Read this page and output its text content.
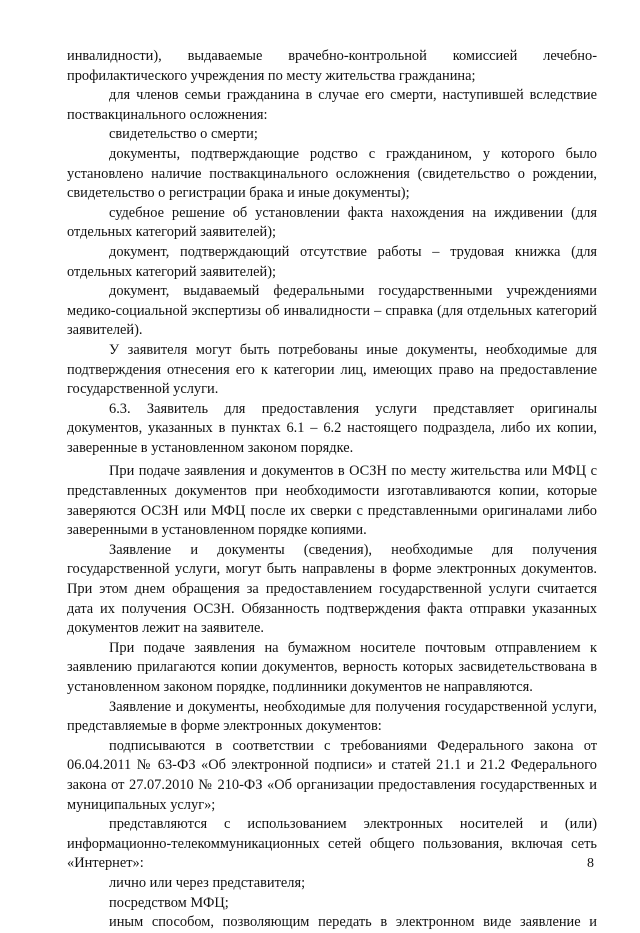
инвалидности), выдаваемые врачебно-контрольной комиссией лечебно-профилактического учреждения по месту жительства гражданина;

для членов семьи гражданина в случае его смерти, наступившей вследствие поствакцинального осложнения:

свидетельство о смерти;

документы, подтверждающие родство с гражданином, у которого было установлено наличие поствакцинального осложнения (свидетельство о рождении, свидетельство о регистрации брака и иные документы);

судебное решение об установлении факта нахождения на иждивении (для отдельных категорий заявителей);

документ, подтверждающий отсутствие работы – трудовая книжка (для отдельных категорий заявителей);

документ, выдаваемый федеральными государственными учреждениями медико-социальной экспертизы об инвалидности – справка (для отдельных категорий заявителей).

У заявителя могут быть потребованы иные документы, необходимые для подтверждения отнесения его к категории лиц, имеющих право на предоставление государственной услуги.

6.3. Заявитель для предоставления услуги представляет оригиналы документов, указанных в пунктах 6.1 – 6.2 настоящего подраздела, либо их копии, заверенные в установленном законом порядке.

При подаче заявления и документов в ОСЗН по месту жительства или МФЦ с представленных документов при необходимости изготавливаются копии, которые заверяются ОСЗН или МФЦ после их сверки с представленными оригиналами либо заверенными в установленном порядке копиями.

Заявление и документы (сведения), необходимые для получения государственной услуги, могут быть направлены в форме электронных документов. При этом днем обращения за предоставлением государственной услуги считается дата их получения ОСЗН. Обязанность подтверждения факта отправки указанных документов лежит на заявителе.

При подаче заявления на бумажном носителе почтовым отправлением к заявлению прилагаются копии документов, верность которых засвидетельствована в установленном законом порядке, подлинники документов не направляются.

Заявление и документы, необходимые для получения государственной услуги, представляемые в форме электронных документов:

подписываются в соответствии с требованиями Федерального закона от 06.04.2011 № 63-ФЗ «Об электронной подписи» и статей 21.1 и 21.2 Федерального закона от 27.07.2010 № 210-ФЗ «Об организации предоставления государственных и муниципальных услуг»;

представляются с использованием электронных носителей и (или) информационно-телекоммуникационных сетей общего пользования, включая сеть «Интернет»:

лично или через представителя;

посредством МФЦ;

иным способом, позволяющим передать в электронном виде заявление и

8
